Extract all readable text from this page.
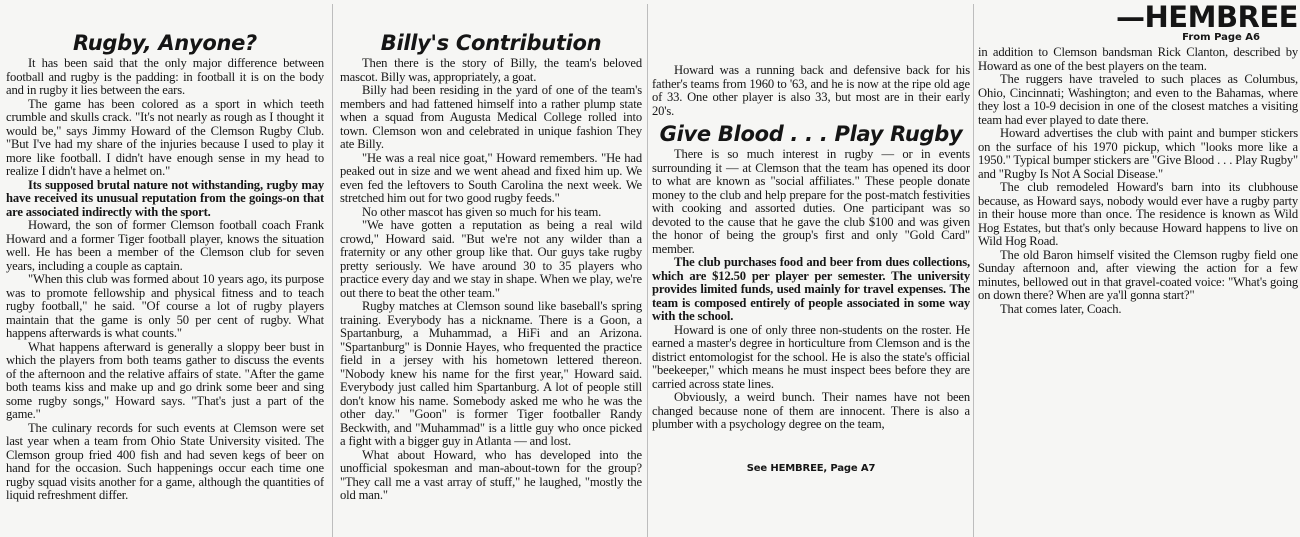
Rugby, Anyone?

It has been said that the only major difference between football and rugby is the padding: in football it is on the body and in rugby it lies between the ears.

The game has been colored as a sport in which teeth crumble and skulls crack. "It's not nearly as rough as I thought it would be," says Jimmy Howard of the Clemson Rugby Club. "But I've had my share of the injuries because I used to play it more like football. I didn't have enough sense in my head to realize I didn't have a helmet on."

Its supposed brutal nature not withstanding, rugby may have received its unusual reputation from the goings-on that are associated indirectly with the sport.

Howard, the son of former Clemson football coach Frank Howard and a former Tiger football player, knows the situation well. He has been a member of the Clemson club for seven years, including a couple as captain.

"When this club was formed about 10 years ago, its purpose was to promote fellowship and physical fitness and to teach rugby football," he said. "Of course a lot of rugby players maintain that the game is only 50 per cent of rugby. What happens afterwards is what counts."

What happens afterward is generally a sloppy beer bust in which the players from both teams gather to discuss the events of the afternoon and the relative affairs of state. "After the game both teams kiss and make up and go drink some beer and sing some rugby songs," Howard says. "That's just a part of the game."

The culinary records for such events at Clemson were set last year when a team from Ohio State University visited. The Clemson group fried 400 fish and had seven kegs of beer on hand for the occasion. Such happenings occur each time one rugby squad visits another for a game, although the quantities of liquid refreshment differ.

Billy's Contribution

Then there is the story of Billy, the team's beloved mascot. Billy was, appropriately, a goat.

Billy had been residing in the yard of one of the team's members and had fattened himself into a rather plump state when a squad from Augusta Medical College rolled into town. Clemson won and celebrated in unique fashion They ate Billy.

"He was a real nice goat," Howard remembers. "He had peaked out in size and we went ahead and fixed him up. We even fed the leftovers to South Carolina the next week. We stretched him out for two good rugby feeds."

No other mascot has given so much for his team.

"We have gotten a reputation as being a real wild crowd," Howard said. "But we're not any wilder than a fraternity or any other group like that. Our guys take rugby pretty seriously. We have around 30 to 35 players who practice every day and we stay in shape. When we play, we're out there to beat the other team."

Rugby matches at Clemson sound like baseball's spring training. Everybody has a nickname. There is a Goon, a Spartanburg, a Muhammad, a HiFi and an Arizona. "Spartanburg" is Donnie Hayes, who frequented the practice field in a jersey with his hometown lettered thereon. "Nobody knew his name for the first year," Howard said. Everybody just called him Spartanburg. A lot of people still don't know his name. Somebody asked me who he was the other day." "Goon" is former Tiger footballer Randy Beckwith, and "Muhammad" is a little guy who once picked a fight with a bigger guy in Atlanta — and lost.

What about Howard, who has developed into the unofficial spokesman and man-about-town for the group? "They call me a vast array of stuff," he laughed, "mostly the old man."

Howard was a running back and defensive back for his father's teams from 1960 to '63, and he is now at the ripe old age of 33. One other player is also 33, but most are in their early 20's.

Give Blood . . . Play Rugby

There is so much interest in rugby — or in events surrounding it — at Clemson that the team has opened its door to what are known as "social affiliates." These people donate money to the club and help prepare for the post-match festivities with cooking and assorted duties. One participant was so devoted to the cause that he gave the club $100 and was given the honor of being the group's first and only "Gold Card" member.

The club purchases food and beer from dues collections, which are $12.50 per player per semester. The university provides limited funds, used mainly for travel expenses. The team is composed entirely of people associated in some way with the school.

Howard is one of only three non-students on the roster. He earned a master's degree in horticulture from Clemson and is the district entomologist for the school. He is also the state's official "beekeeper," which means he must inspect bees before they are carried across state lines.

Obviously, a weird bunch. Their names have not been changed because none of them are innocent. There is also a plumber with a psychology degree on the team,

See HEMBREE, Page A7

—HEMBREE
From Page A6

in addition to Clemson bandsman Rick Clanton, described by Howard as one of the best players on the team.

The ruggers have traveled to such places as Columbus, Ohio, Cincinnati; Washington; and even to the Bahamas, where they lost a 10-9 decision in one of the closest matches a visiting team had ever played to date there.

Howard advertises the club with paint and bumper stickers on the surface of his 1970 pickup, which "looks more like a 1950." Typical bumper stickers are "Give Blood . . . Play Rugby" and "Rugby Is Not A Social Disease."

The club remodeled Howard's barn into its clubhouse because, as Howard says, nobody would ever have a rugby party in their house more than once. The residence is known as Wild Hog Estates, but that's only because Howard happens to live on Wild Hog Road.

The old Baron himself visited the Clemson rugby field one Sunday afternoon and, after viewing the action for a few minutes, bellowed out in that gravel-coated voice: "What's going on down there? When are ya'll gonna start?"

That comes later, Coach.
